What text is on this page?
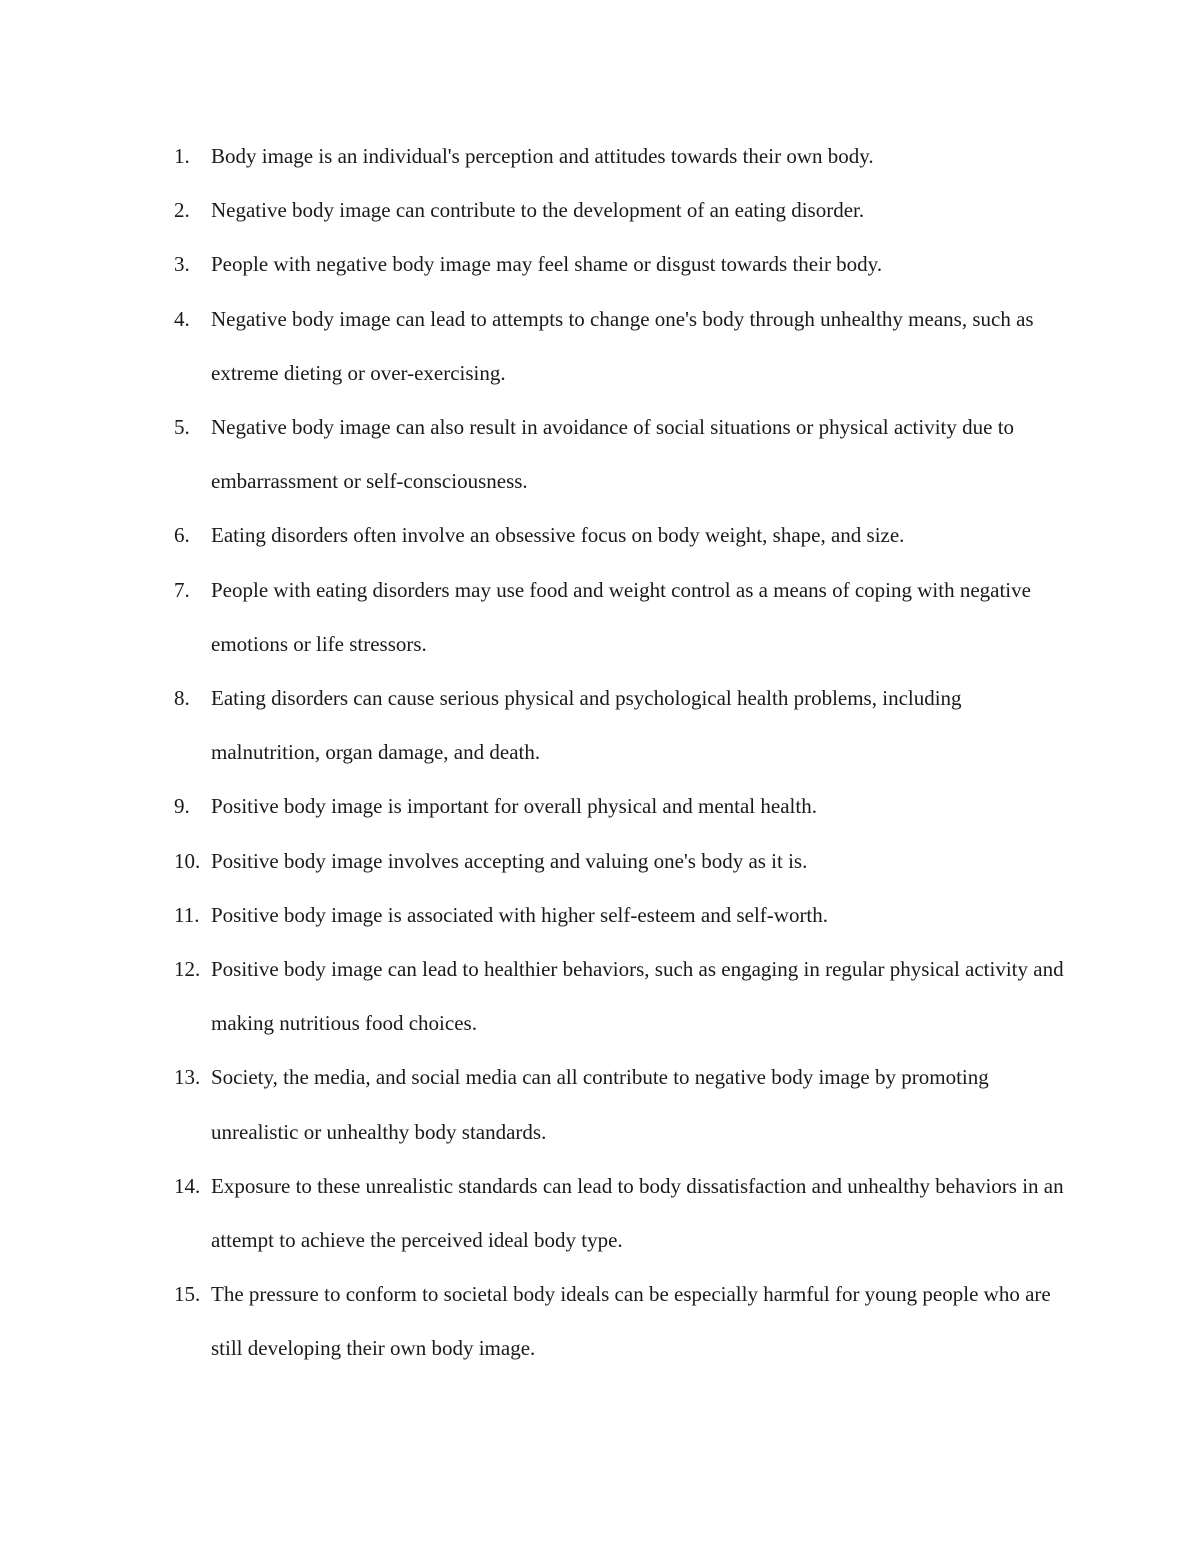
1.	Body image is an individual's perception and attitudes towards their own body.
2.	Negative body image can contribute to the development of an eating disorder.
3.	People with negative body image may feel shame or disgust towards their body.
4.	Negative body image can lead to attempts to change one's body through unhealthy means, such as extreme dieting or over-exercising.
5.	Negative body image can also result in avoidance of social situations or physical activity due to embarrassment or self-consciousness.
6.	Eating disorders often involve an obsessive focus on body weight, shape, and size.
7.	People with eating disorders may use food and weight control as a means of coping with negative emotions or life stressors.
8.	Eating disorders can cause serious physical and psychological health problems, including malnutrition, organ damage, and death.
9.	Positive body image is important for overall physical and mental health.
10. Positive body image involves accepting and valuing one's body as it is.
11. Positive body image is associated with higher self-esteem and self-worth.
12. Positive body image can lead to healthier behaviors, such as engaging in regular physical activity and making nutritious food choices.
13. Society, the media, and social media can all contribute to negative body image by promoting unrealistic or unhealthy body standards.
14. Exposure to these unrealistic standards can lead to body dissatisfaction and unhealthy behaviors in an attempt to achieve the perceived ideal body type.
15. The pressure to conform to societal body ideals can be especially harmful for young people who are still developing their own body image.
